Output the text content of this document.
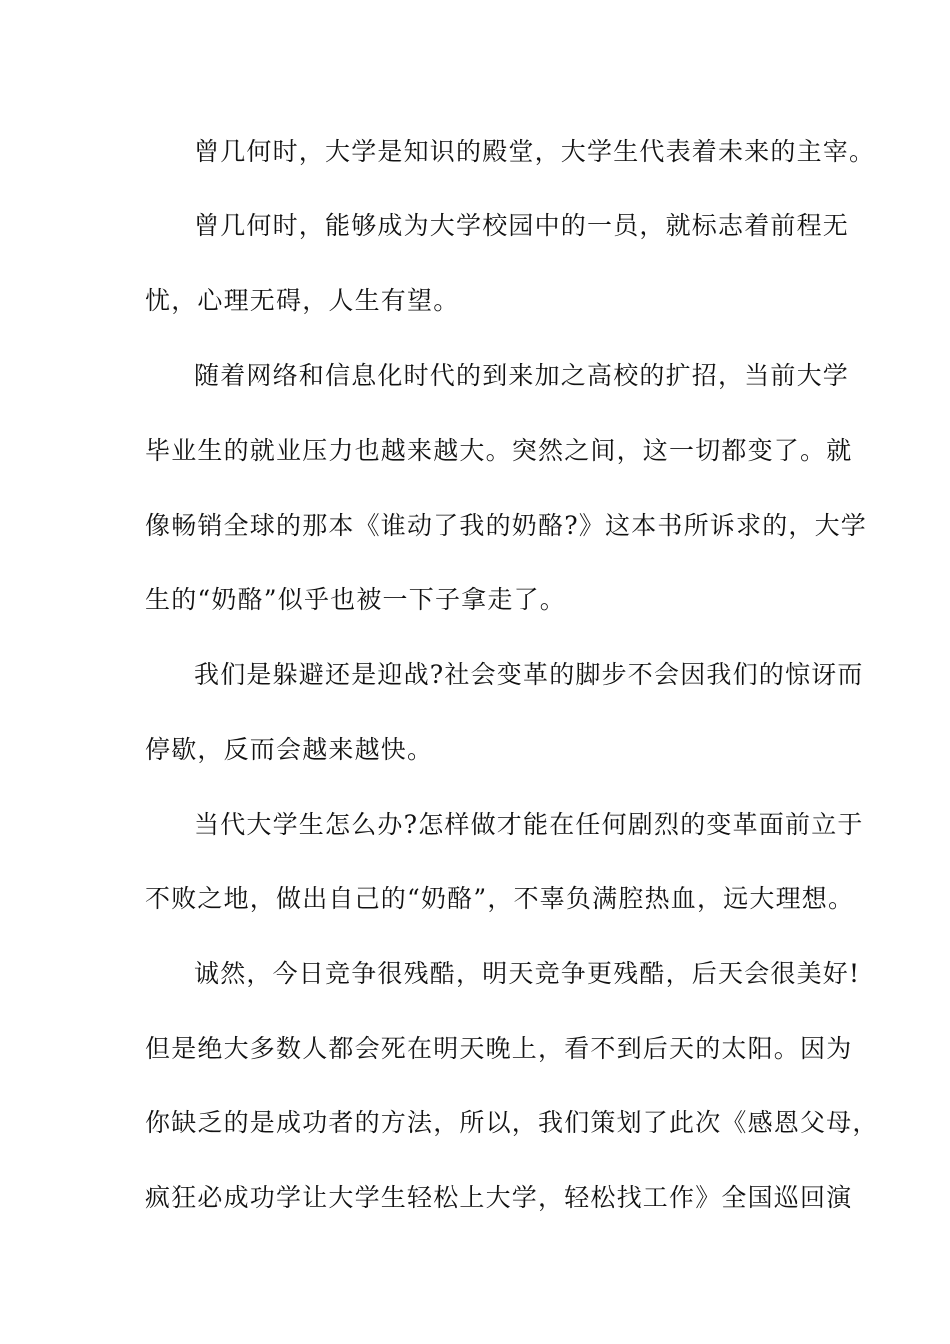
曾几何时，大学是知识的殿堂，大学生代表着未来的主宰。
曾几何时，能够成为大学校园中的一员，就标志着前程无
忧，心理无碍，人生有望。
随着网络和信息化时代的到来加之高校的扩招，当前大学
毕业生的就业压力也越来越大。突然之间，这一切都变了。就
像畅销全球的那本《谁动了我的奶酪?》这本书所诉求的，大学
生的“奶酪”似乎也被一下子拿走了。
我们是躲避还是迎战?社会变革的脚步不会因我们的惊讶而
停歇，反而会越来越快。
当代大学生怎么办?怎样做才能在任何剧烈的变革面前立于
不败之地，做出自己的“奶酪”，不辜负满腔热血，远大理想。
诚然，今日竞争很残酷，明天竞争更残酷，后天会很美好!
但是绝大多数人都会死在明天晚上，看不到后天的太阳。因为
你缺乏的是成功者的方法，所以，我们策划了此次《感恩父母，
疯狂必成功学让大学生轻松上大学，轻松找工作》全国巡回演
